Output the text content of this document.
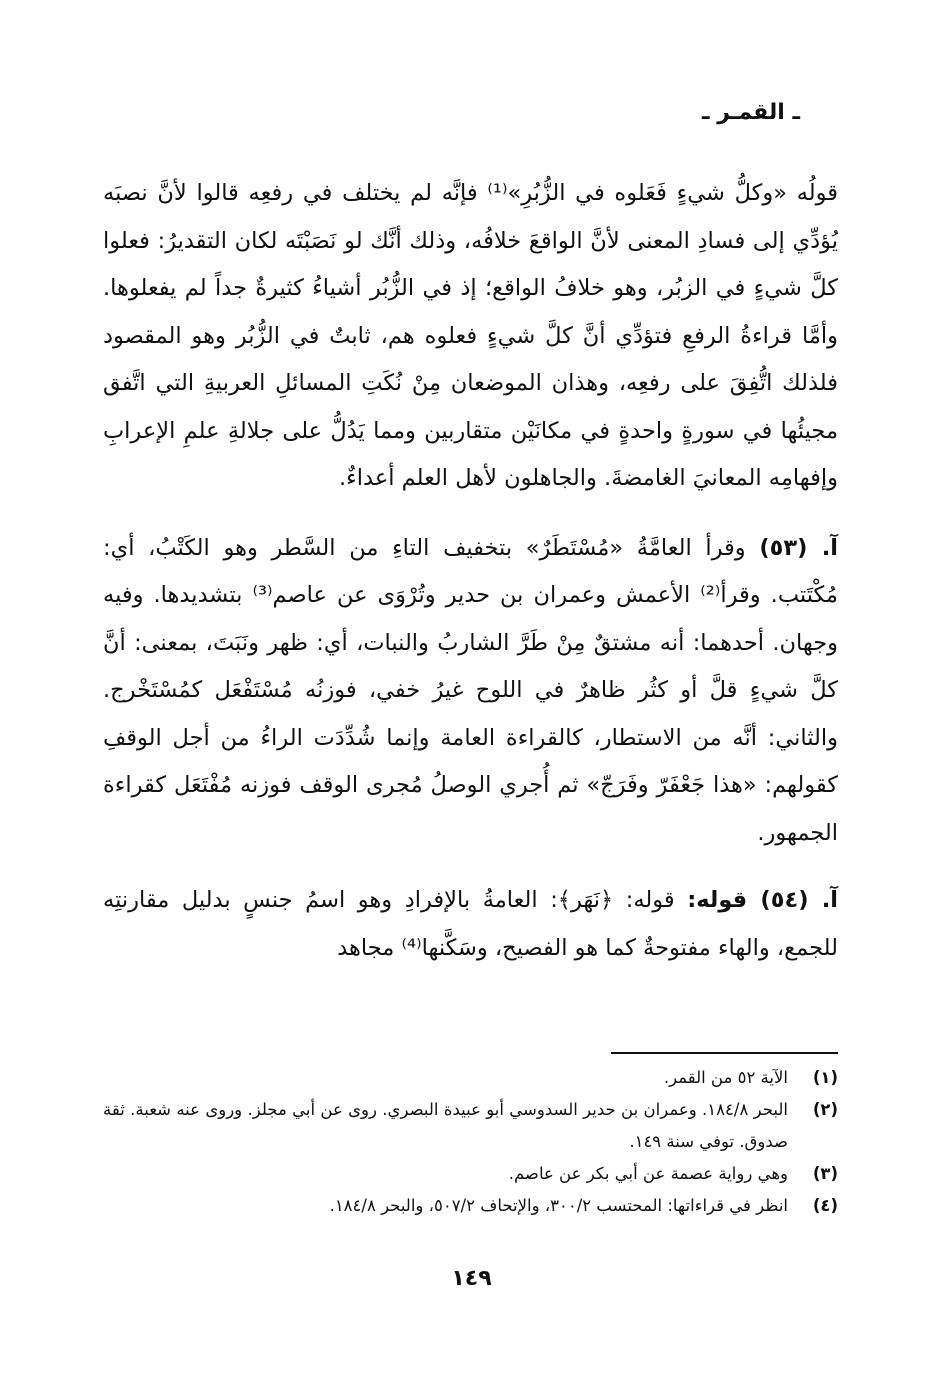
ـ القمـر ـ

قولُه «وكلُّ شيءٍ فَعَلوه في الزُّبُرِ»⁽¹⁾ فإنَّه لم يختلف في رفعِه قالوا لأنَّ نصبَه يُؤدِّي إلى فسادِ المعنى لأنَّ الواقعَ خلافُه، وذلك أنَّك لو نَصَبْتَه لكان التقديرُ: فعلوا كلَّ شيءٍ في الزبُر، وهو خلافُ الواقع؛ إذ في الزُّبُر أشياءُ كثيرةٌ جداً لم يفعلوها. وأمَّا قراءةُ الرفعِ فتؤدِّي أنَّ كلَّ شيءٍ فعلوه هم، ثابتٌ في الزُّبُر وهو المقصود فلذلك اتُّفِقَ على رفعِه، وهذان الموضعان مِنْ نُكَتِ المسائلِ العربيةِ التي اتَّفق مجيئُها في سورةٍ واحدةٍ في مكانَيْن متقاربين ومما يَدُلُّ على جلالةِ علمِ الإعرابِ وإفهامِه المعانيَ الغامضةَ. والجاهلون لأهل العلم أعداءٌ.

آ. (٥٣) وقرأ العامَّةُ «مُسْتَطَرٌ» بتخفيف التاءِ من السَّطر وهو الكَتْبُ، أي: مُكْتَتب. وقرأ⁽²⁾ الأعمش وعمران بن حدير وتُرْوَى عن عاصم⁽³⁾ بتشديدها. وفيه وجهان. أحدهما: أنه مشتقٌ مِنْ طَرَّ الشاربُ والنبات، أي: ظهر ونَبَتَ، بمعنى: أنَّ كلَّ شيءٍ قلَّ أو كثُر ظاهرٌ في اللوح غيرُ خفي، فوزنُه مُسْتَفْعَل كمُسْتَخْرج. والثاني: أنَّه من الاستطار، كالقراءة العامة وإنما شُدِّدَت الراءُ من أجل الوقفِ كقولهم: «هذا جَعْفَرّ وفَرَجّ» ثم أُجري الوصلُ مُجرى الوقف فوزنه مُفْتَعَل كقراءة الجمهور.

آ. (٥٤) قوله: قوله: ﴿نَهَر﴾: العامةُ بالإفرادِ وهو اسمُ جنسٍ بدليل مقارنتِه للجمع، والهاء مفتوحةٌ كما هو الفصيح، وسَكَّنها⁽⁴⁾ مجاهد

(١)
الآية ٥٢ من القمر.
(٢)
البحر ١٨٤/٨. وعمران بن حدير السدوسي أبو عبيدة البصري. روى عن أبي مجلز. وروى عنه شعبة. ثقة صدوق. توفي سنة ١٤٩.
(٣)
وهي رواية عصمة عن أبي بكر عن عاصم.
(٤)
انظر في قراءاتها: المحتسب ٣٠٠/٢، والإتحاف ٥٠٧/٢، والبحر ١٨٤/٨.
١٤٩
